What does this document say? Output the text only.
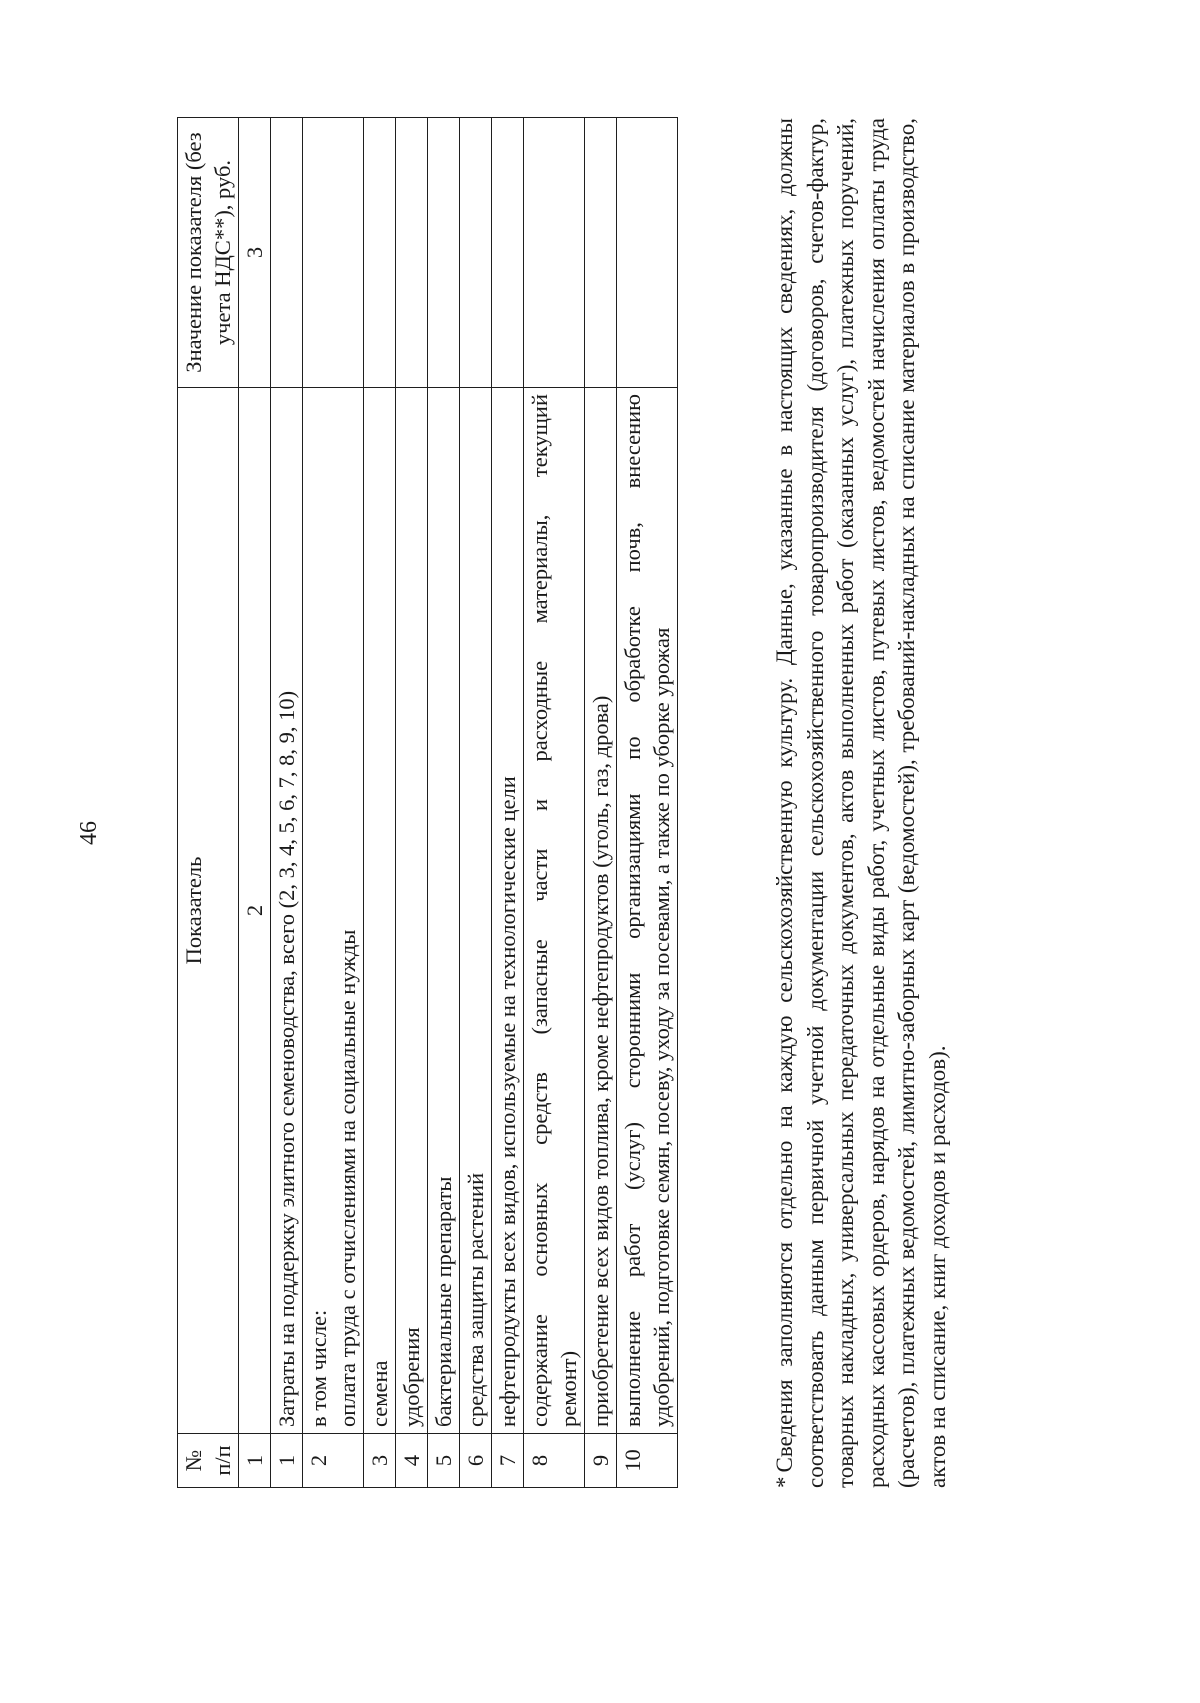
46
№ п/п	Показатель	Значение показателя (без учета НДС**), руб.
1	2	3
1	Затраты на поддержку элитного семеноводства, всего (2, 3, 4, 5, 6, 7, 8, 9, 10)	
2	в том числе: оплата труда с отчислениями на социальные нужды	

3	семена	
4	удобрения	
5	бактериальные препараты	
6	средства защиты растений	
7	нефтепродукты всех видов, используемые на технологические цели	
8	содержание основных средств (запасные части и расходные материалы, текущий ремонт)	

9	приобретение всех видов топлива, кроме нефтепродуктов (уголь, газ, дрова)	
10	выполнение работ (услуг) сторонними организациями по обработке почв, внесению удобрений, подготовке семян, посеву, уходу за посевами, а также по уборке урожая	

*Сведения заполняются отдельно на каждую сельскохозяйственную культуру. Данные, указанные в настоящих сведениях, должны соответствовать данным первичной учетной документации сельскохозяйственного товаропроизводителя (договоров, счетов-фактур, товарных накладных, универсальных передаточных документов, актов выполненных работ (оказанных услуг), платежных поручений, расходных кассовых ордеров, нарядов на отдельные виды работ, учетных листов, путевых листов, ведомостей начисления оплаты труда (расчетов), платежных ведомостей, лимитно-заборных карт (ведомостей), требований-накладных на списание материалов в производство, актов на списание, книг доходов и расходов).
